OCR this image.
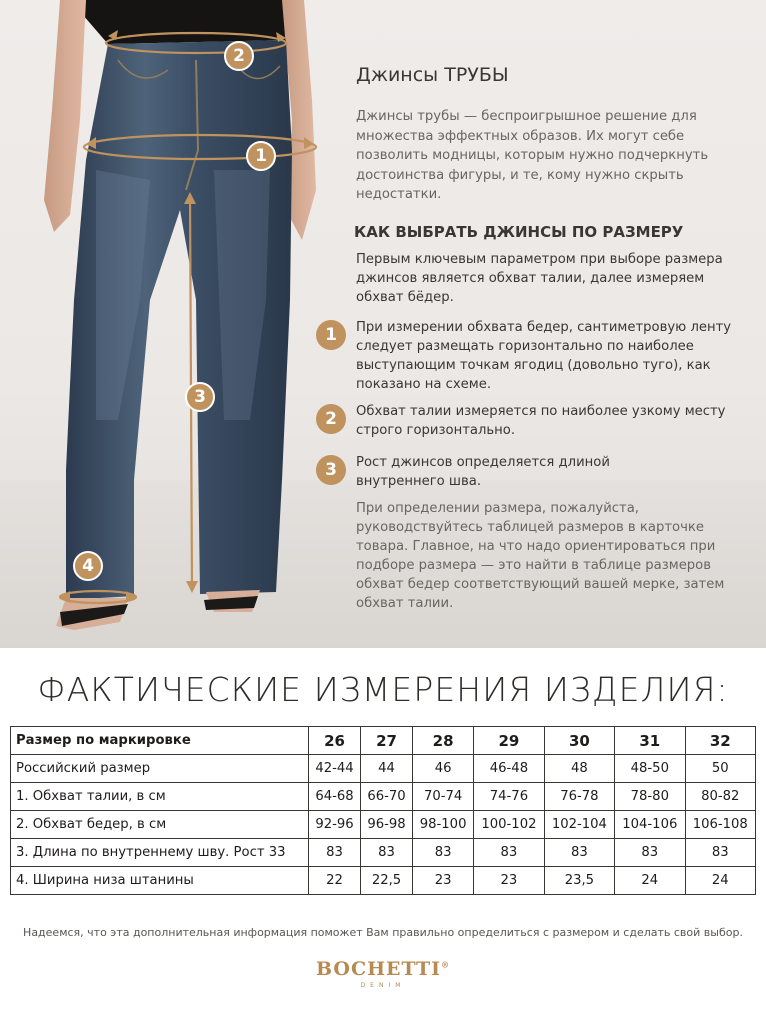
2
1
3
4
Джинсы ТРУБЫ

Джинсы трубы — беспроигрышное решение для множества эффектных образов. Их могут себе позволить модницы, которым нужно подчеркнуть достоинства фигуры, и те, кому нужно скрыть недостатки.

КАК ВЫБРАТЬ ДЖИНСЫ ПО РАЗМЕРУ

Первым ключевым параметром при выборе размера джинсов является обхват талии, далее измеряем обхват бёдер.

1	При измерении обхвата бедер, сантиметровую ленту следует размещать горизонтально по наиболее выступающим точкам ягодиц (довольно туго), как показано на схеме.

2	Обхват талии измеряется по наиболее узкому месту строго горизонтально.

3	Рост джинсов определяется длиной внутреннего шва.

При определении размера, пожалуйста, руководствуйтесь таблицей размеров в карточке товара. Главное, на что надо ориентироваться при подборе размера — это найти в таблице размеров обхват бедер соответствующий вашей мерке, затем обхват талии.

ФАКТИЧЕСКИЕ ИЗМЕРЕНИЯ ИЗДЕЛИЯ:
Размер по маркировке	26	27	28	29	30	31	32
Российский размер	42-44	44	46	46-48	48	48-50	50
1. Обхват талии, в см	64-68	66-70	70-74	74-76	76-78	78-80	80-82
2. Обхват бедер, в см	92-96	96-98	98-100	100-102	102-104	104-106	106-108
3. Длина по внутреннему шву. Рост 33	83	83	83	83	83	83	83
4. Ширина низа штанины	22	22,5	23	23	23,5	24	24

Надеемся, что эта дополнительная информация поможет Вам правильно определиться с размером и сделать свой выбор.

BOCHETTI®
DENIM
